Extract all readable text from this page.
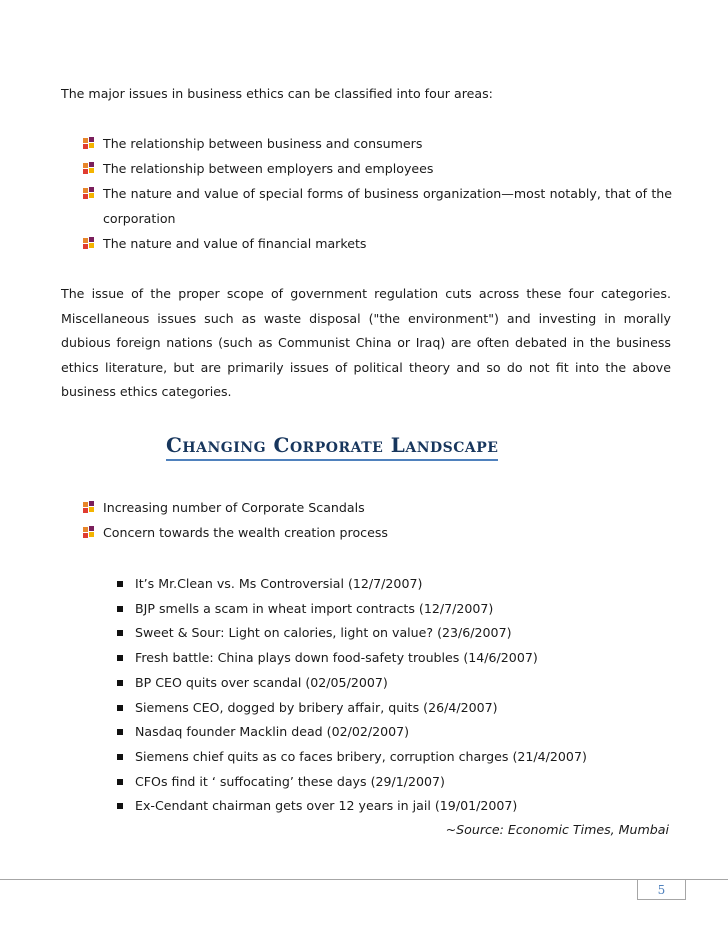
The major issues in business ethics can be classified into four areas:

The relationship between business and consumers
The relationship between employers and employees
The nature and value of special forms of business organization—most notably, that of the corporation
The nature and value of financial markets

The issue of the proper scope of government regulation cuts across these four categories. Miscellaneous issues such as waste disposal ("the environment") and investing in morally dubious foreign nations (such as Communist China or Iraq) are often debated in the business ethics literature, but are primarily issues of political theory and so do not fit into the above business ethics categories.

Changing Corporate Landscape
Increasing number of Corporate Scandals
Concern towards the wealth creation process
It’s Mr.Clean vs. Ms Controversial (12/7/2007)
BJP smells a scam in wheat import contracts (12/7/2007)
Sweet & Sour: Light on calories, light on value? (23/6/2007)
Fresh battle: China plays down food-safety troubles (14/6/2007)
BP CEO quits over scandal (02/05/2007)
Siemens CEO, dogged by bribery affair, quits (26/4/2007)
Nasdaq founder Macklin dead (02/02/2007)
Siemens chief quits as co faces bribery, corruption charges (21/4/2007)
CFOs find it ‘ suffocating’ these days (29/1/2007)
Ex-Cendant chairman gets over 12 years in jail (19/01/2007)
~Source: Economic Times, Mumbai
5
